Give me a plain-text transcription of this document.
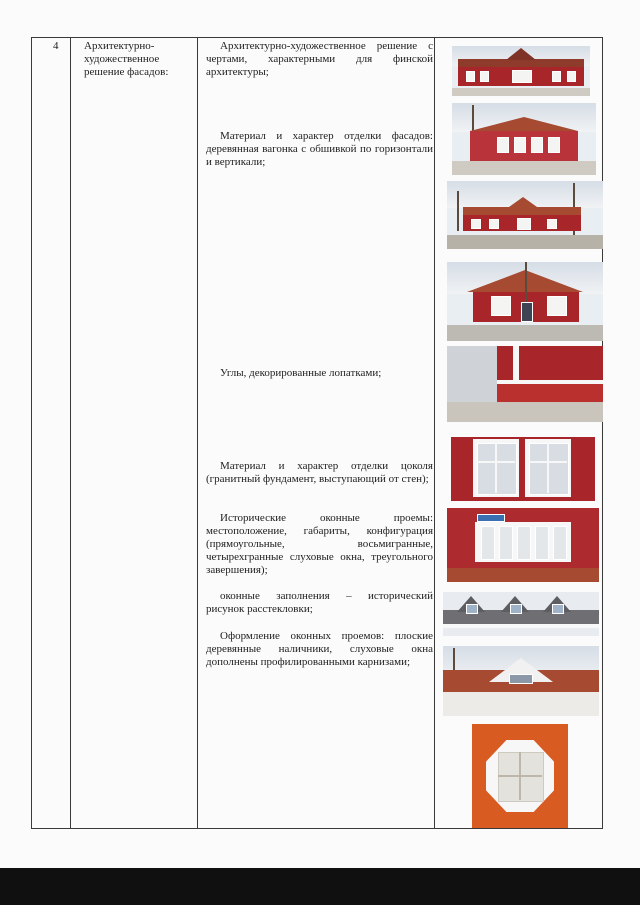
4 Архитектурно-художественное решение фасадов:
Архитектурно-художественное решение с чертами, характерными для финской архитектуры;
Материал и характер отделки фасадов: деревянная вагонка с обшивкой по горизонтали и вертикали;
Углы, декорированные лопатками;
Материал и характер отделки цоколя (гранитный фундамент, выступающий от стен);
Исторические оконные проемы: местоположение, габариты, конфигурация (прямоугольные, восьмигранные, четырехгранные слуховые окна, треугольного завершения);
оконные заполнения – исторический рисунок расстекловки;
Оформление оконных проемов: плоские деревянные наличники, слуховые окна дополнены профилированными карнизами;
